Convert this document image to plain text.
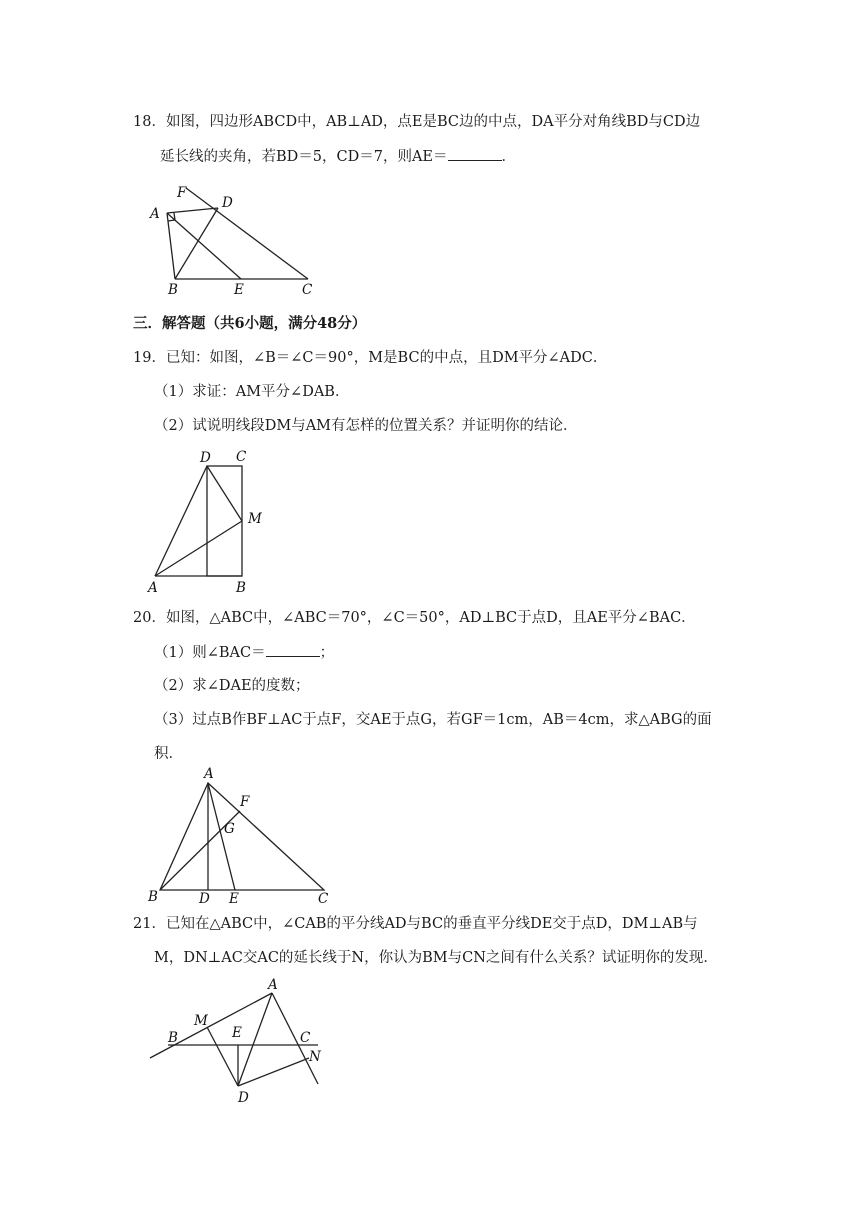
18．如图，四边形ABCD中，AB⊥AD，点E是BC边的中点，DA平分对角线BD与CD边
延长线的夹角，若BD＝5，CD＝7，则AE＝	．
F
A
D
B	E	C
三．解答题（共6小题，满分48分）
19．已知：如图，∠B＝∠C＝90°，M是BC的中点，且DM平分∠ADC．
（1）求证：AM平分∠DAB．
（2）试说明线段DM与AM有怎样的位置关系？并证明你的结论．
D C
M
A	B
20．如图，△ABC中，∠ABC＝70°，∠C＝50°，AD⊥BC于点D，且AE平分∠BAC．
（1）则∠BAC＝	；
（2）求∠DAE的度数；
（3）过点B作BF⊥AC于点F，交AE于点G，若GF＝1cm，AB＝4cm，求△ABG的面
积．
A
F
G
B	D E	C
21．已知在△ABC中，∠CAB的平分线AD与BC的垂直平分线DE交于点D，DM⊥AB与
M，DN⊥AC交AC的延长线于N，你认为BM与CN之间有什么关系？试证明你的发现．
A
M
B	E	C
N
D
